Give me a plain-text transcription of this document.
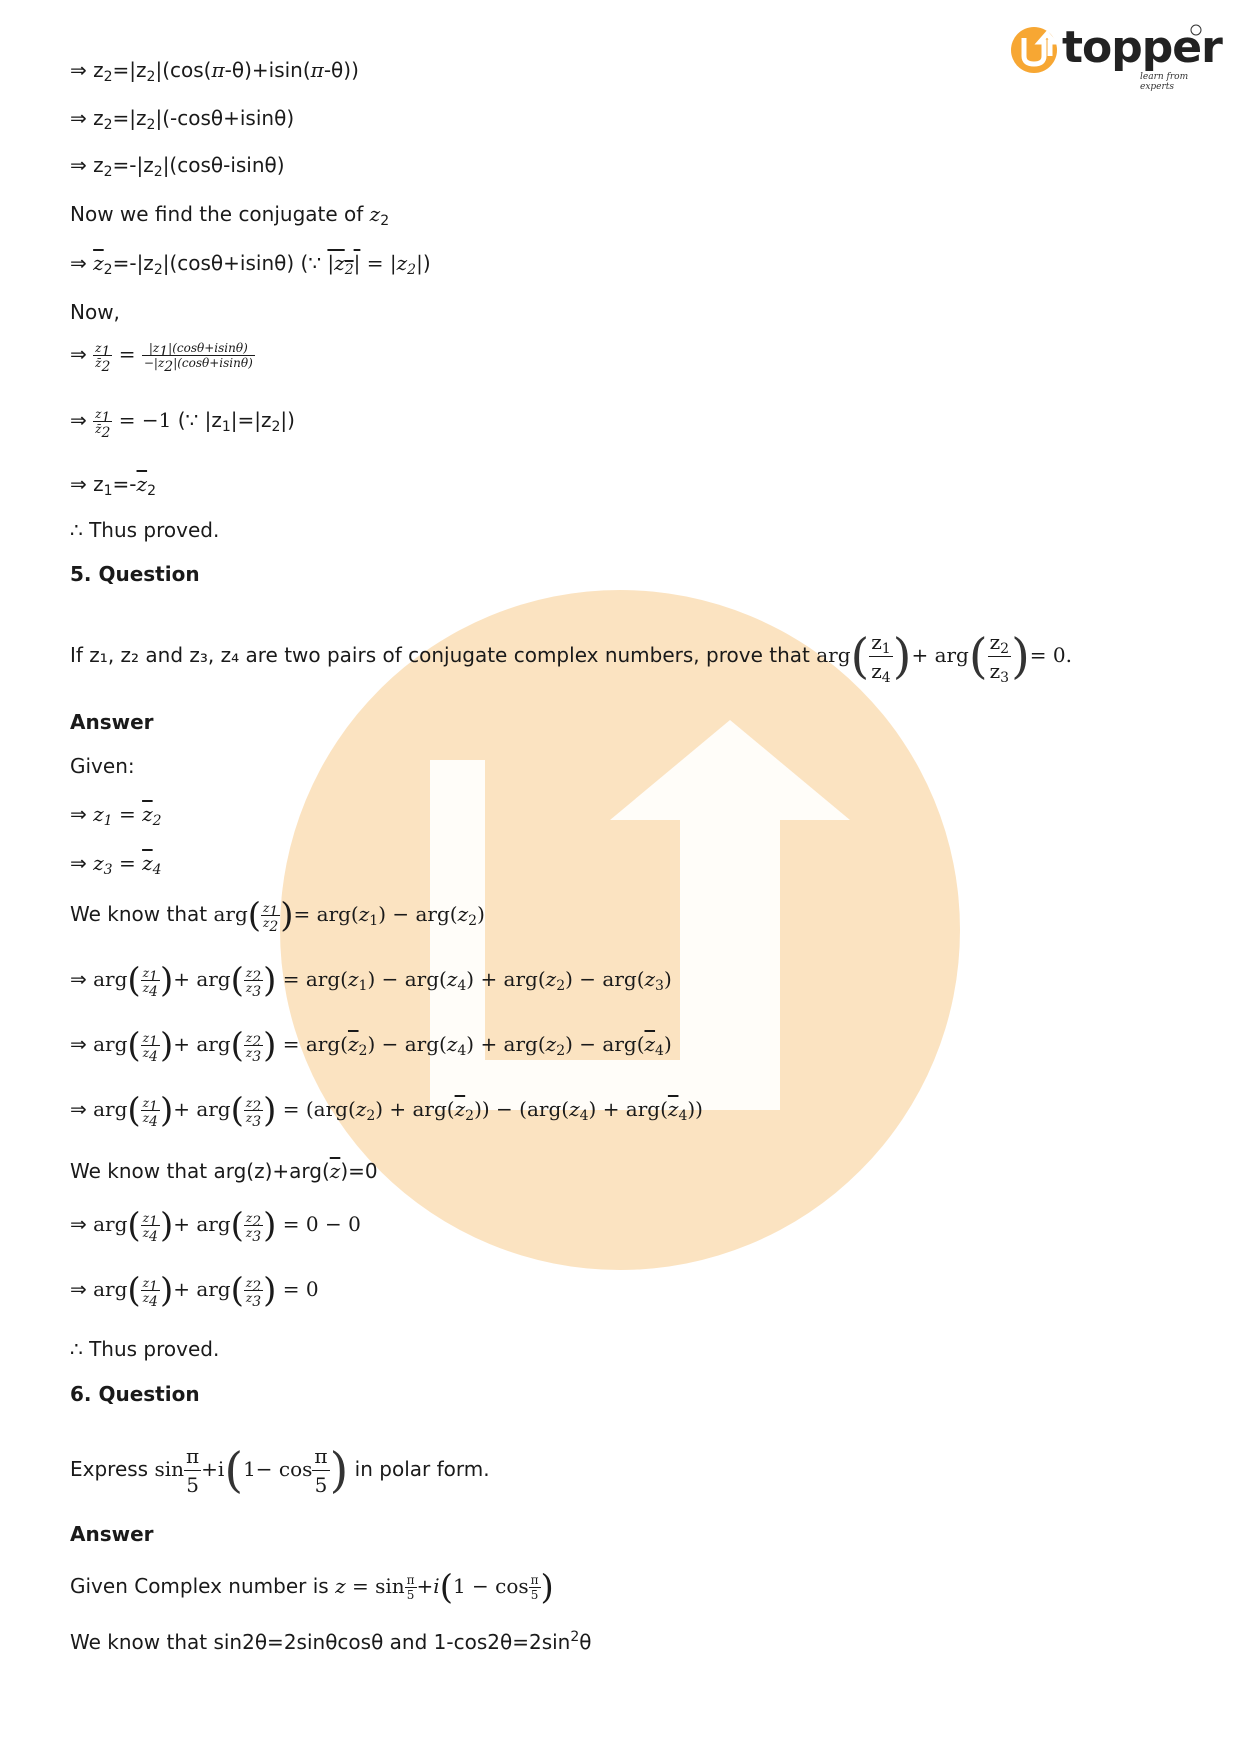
topper
learn from experts
⇒ $z_2=|z_2|(\cos(\pi-\theta)+isin(\pi-\theta))$
⇒ $z_2=|z_2|(-\cos\theta+isin\theta)$
⇒ $z_2=-|z_2|(\cos\theta-isin\theta)$
Now we find the conjugate of $z_2$
⇒ $\overline{z}_2=-|z_2|(\cos\theta+isin\theta)$ (∵ $|z_2| = |z_2|$)
Now,
⇒ $\frac{z_1}{z̄_2} = \frac{|z_1|(\cos\theta+isin\theta)}{-|z_2|(\cos\theta+isin\theta)}$
⇒ $\frac{z_1}{z̄_2} = -1$ (∵ $|z_1|=|z_2|$)
⇒ $z_1=-\overline{z}_2$
∴ Thus proved.
5. Question
If z₁, z₂ and z₃, z₄ are two pairs of conjugate complex numbers, prove that $arg( \frac{z_1}{z_4}$ )+ $arg( \frac{z_2}{z_3}$ )= 0.
Answer
Given:
⇒ $z_1 = \overline{z}_2$
⇒ $z_3 = \overline{z}_4$
We know that $arg( \frac{z_1}{z_2}$ )= $arg(z_1) - arg(z_2)$
⇒ $arg( \frac{z_1}{z_4}$ )+ $arg( \frac{z_2}{z_3}$ ) = $arg(z_1) - arg(z_4) + arg(z_2) - arg(z_3)$
⇒ $arg( \frac{z_1}{z_4}$ )+ $arg( \frac{z_2}{z_3}$ ) = $arg(\overline{z}_2) - arg(z_4) + arg(z_2) - arg(\overline{z}_4)$
⇒ $arg( \frac{z_1}{z_4}$ )+ $arg( \frac{z_2}{z_3}$ ) = $(arg(z_2) + arg(\overline{z}_2)) - (arg(z_4) + arg(\overline{z}_4))$
We know that $arg(z)+arg(\overline{z})=0$
⇒ $arg( \frac{z_1}{z_4}$ )+ $arg( \frac{z_2}{z_3}$ ) = 0 − 0
⇒ $arg( \frac{z_1}{z_4}$ )+ $arg( \frac{z_2}{z_3}$ ) = 0
∴ Thus proved.
6. Question
Express $\sin \frac{\pi}{5} +i(1- \cos \frac{\pi}{5}$ ) in polar form.
Answer
Given Complex number is $z = \sin \frac{\pi}{5} +i(1 - \cos \frac{\pi}{5}$ )
We know that sin2θ=2sinθcosθ and $1-\cos 2\theta=2\sin^2\theta$
